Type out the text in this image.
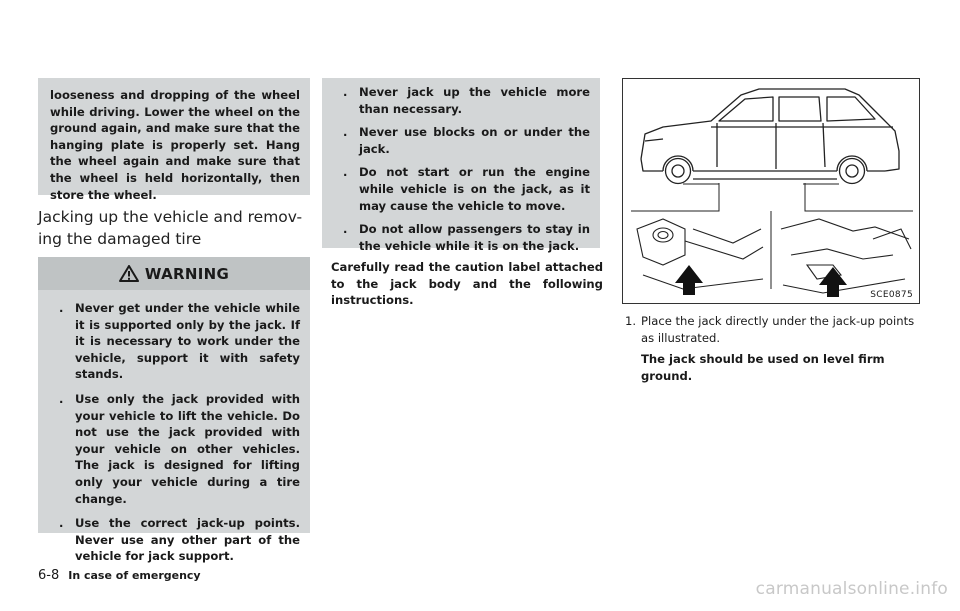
looseness and dropping of the wheel while driving. Lower the wheel on the ground again, and make sure that the hanging plate is properly set. Hang the wheel again and make sure that the wheel is held horizontally, then store the wheel.
Jacking up the vehicle and remov-
ing the damaged tire
WARNING
. Never get under the vehicle while it is supported only by the jack. If it is necessary to work under the vehicle, support it with safety stands.
. Use only the jack provided with your vehicle to lift the vehicle. Do not use the jack provided with your vehicle on other vehicles. The jack is designed for lifting only your vehicle during a tire change.
. Use the correct jack-up points. Never use any other part of the vehicle for jack support.
. Never jack up the vehicle more than necessary.
. Never use blocks on or under the jack.
. Do not start or run the engine while vehicle is on the jack, as it may cause the vehicle to move.
. Do not allow passengers to stay in the vehicle while it is on the jack.
Carefully read the caution label attached to the jack body and the following instructions.	SCE0875
1. Place the jack directly under the jack-up points as illustrated.
The jack should be used on level firm ground.
6-8 In case of emergency
carmanualsonline.info
